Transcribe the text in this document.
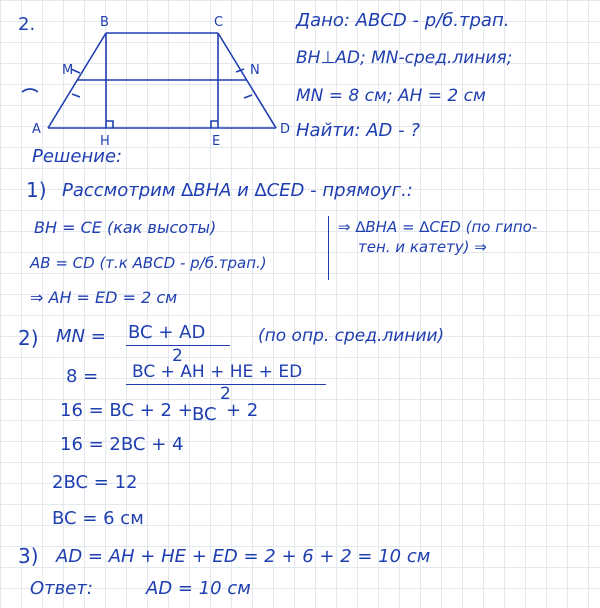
2.	B	C
M	N
A
H	E
D
Дано: ABCD - р/б.трап.
BH⊥AD; MN-сред.линия;
MN = 8 см; AH = 2 см
Найти: AD - ?
Решение:
1) Рассмотрим ∆BHA и ∆CED - прямоуг.:
BH = CE (как высоты)
AB = CD (т.к ABCD - р/б.трап.)
⇒ ∆BHA = ∆CED (по гипо-
тен. и катету) ⇒
⇒ AH = ED = 2 см
2) MN = BC + AD
2
(по опр. сред.линии)
8 = BC + AH + HE + ED
2
16 = BC + 2 + BC + 2
16 = 2BC + 4
2BC = 12
BC = 6 см
3) AD = AH + HE + ED = 2 + 6 + 2 = 10 см
Ответ:	AD = 10 см
